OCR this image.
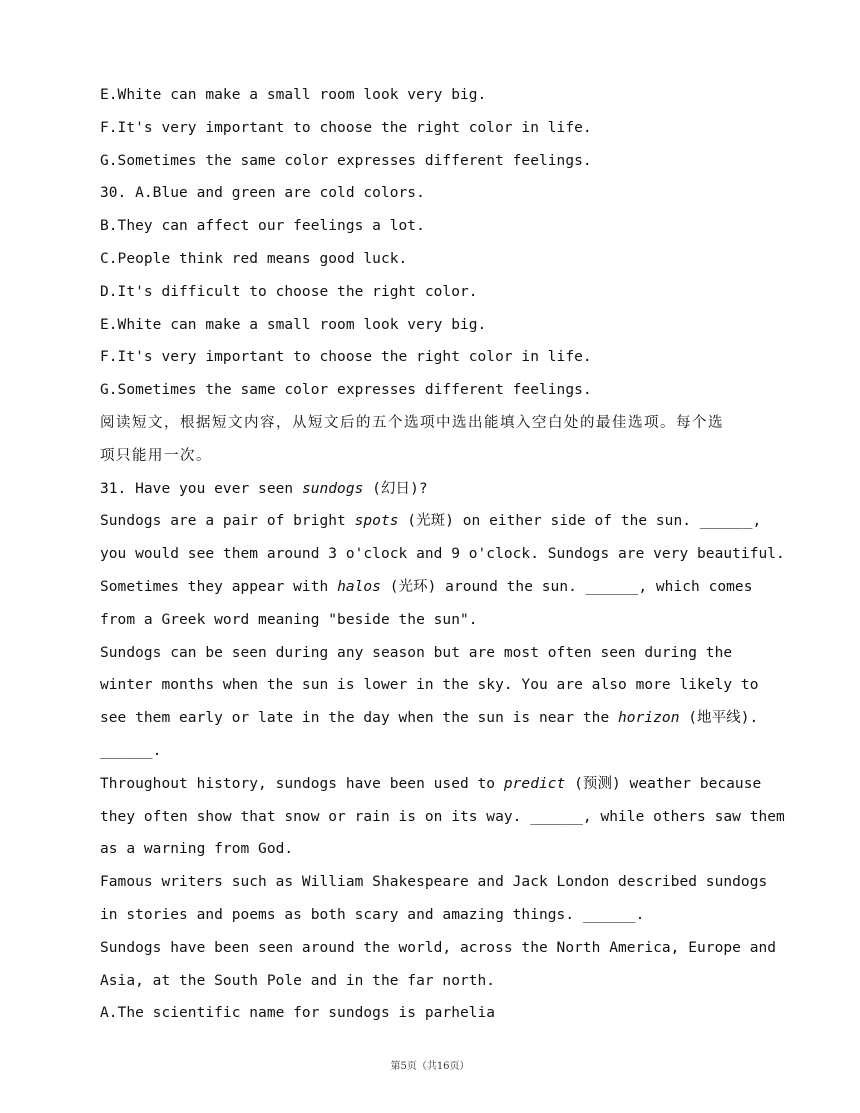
E.White can make a small room look very big.
F.It's very important to choose the right color in life.
G.Sometimes the same color expresses different feelings.
30. A.Blue and green are cold colors.
B.They can affect our feelings a lot.
C.People think red means good luck.
D.It's difficult to choose the right color.
E.White can make a small room look very big.
F.It's very important to choose the right color in life.
G.Sometimes the same color expresses different feelings.
阅读短文，根据短文内容，从短文后的五个选项中选出能填入空白处的最佳选项。每个选
项只能用一次。
31. Have you ever seen sundogs (幻日)?
Sundogs are a pair of bright spots (光斑) on either side of the sun. ______,
you would see them around 3 o'clock and 9 o'clock. Sundogs are very beautiful.
Sometimes they appear with halos (光环) around the sun. ______, which comes
from a Greek word meaning "beside the sun".
Sundogs can be seen during any season but are most often seen during the
winter months when the sun is lower in the sky. You are also more likely to
see them early or late in the day when the sun is near the horizon (地平线).
______.
Throughout history, sundogs have been used to predict (预测) weather because
they often show that snow or rain is on its way. ______, while others saw them
as a warning from God.
Famous writers such as William Shakespeare and Jack London described sundogs
in stories and poems as both scary and amazing things. ______.
Sundogs have been seen around the world, across the North America, Europe and
Asia, at the South Pole and in the far north.
A.The scientific name for sundogs is parhelia
第5页（共16页）
